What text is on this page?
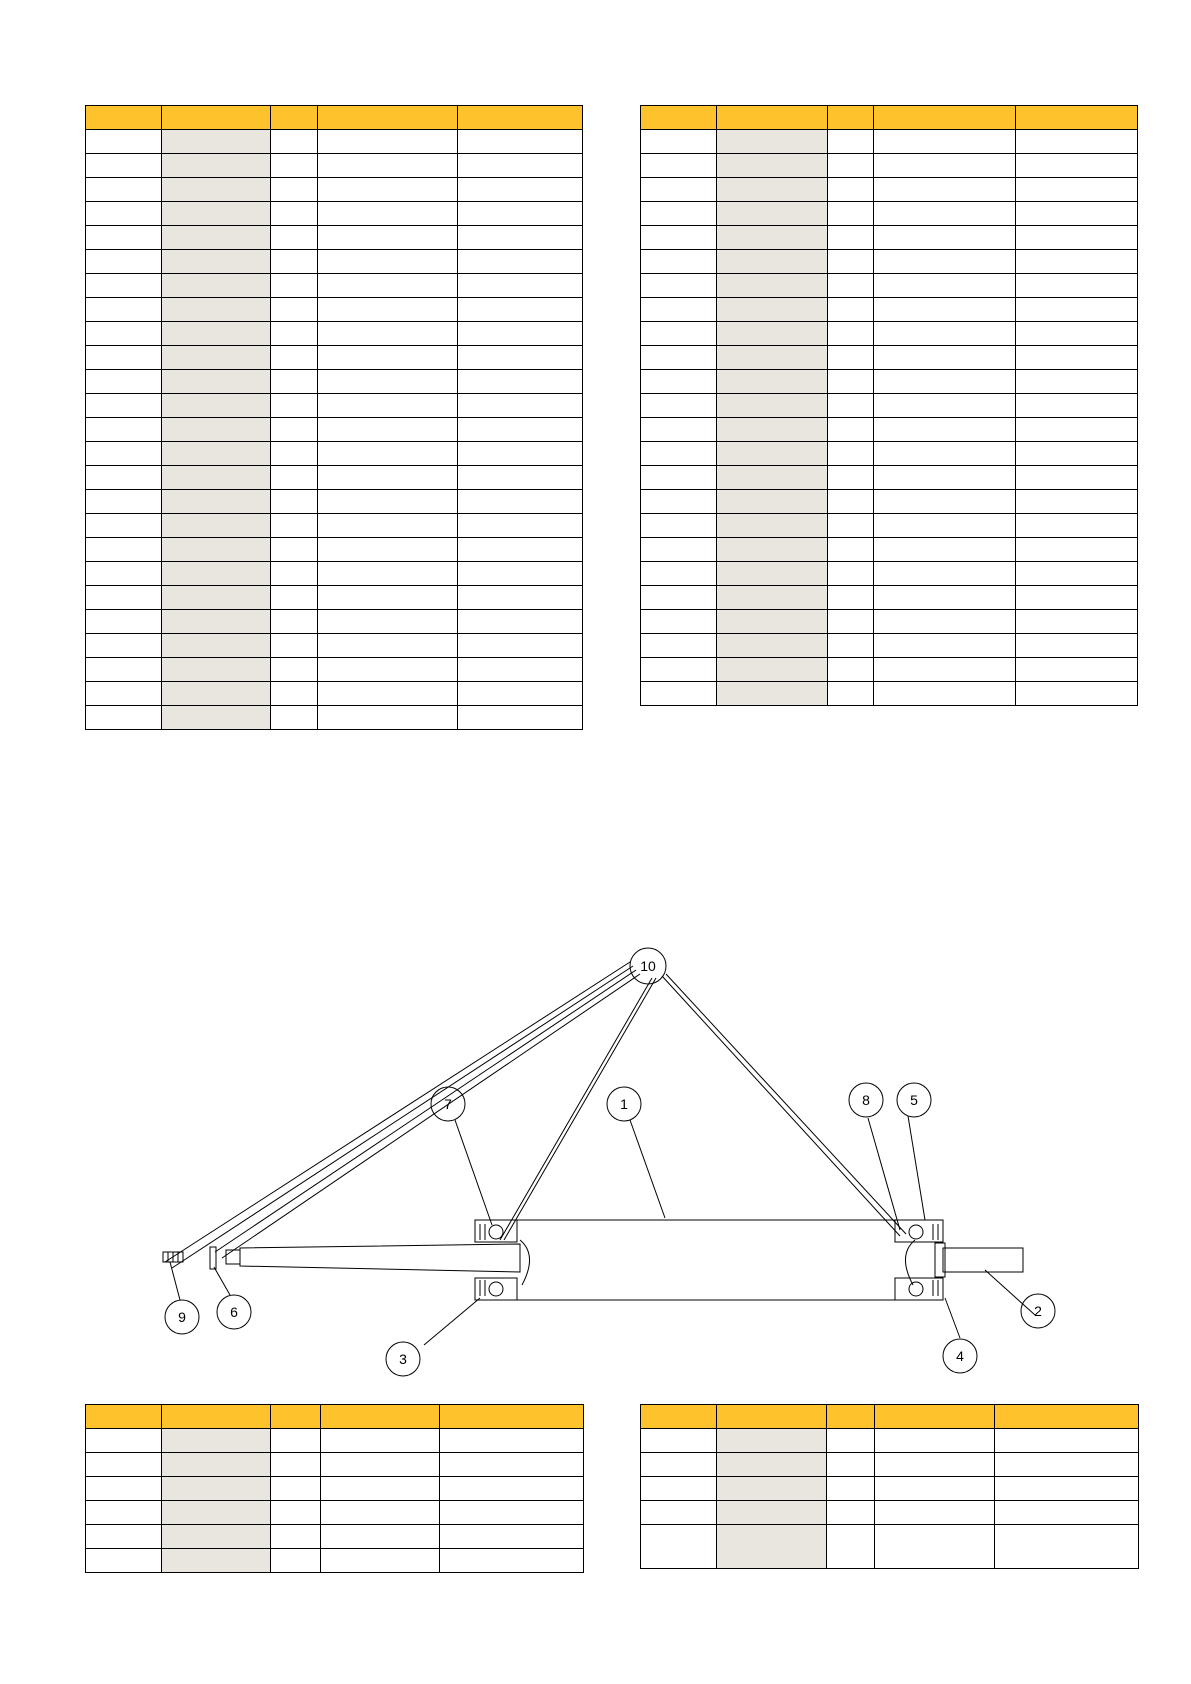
10
7	1	8	5
9	6
3
2
4
